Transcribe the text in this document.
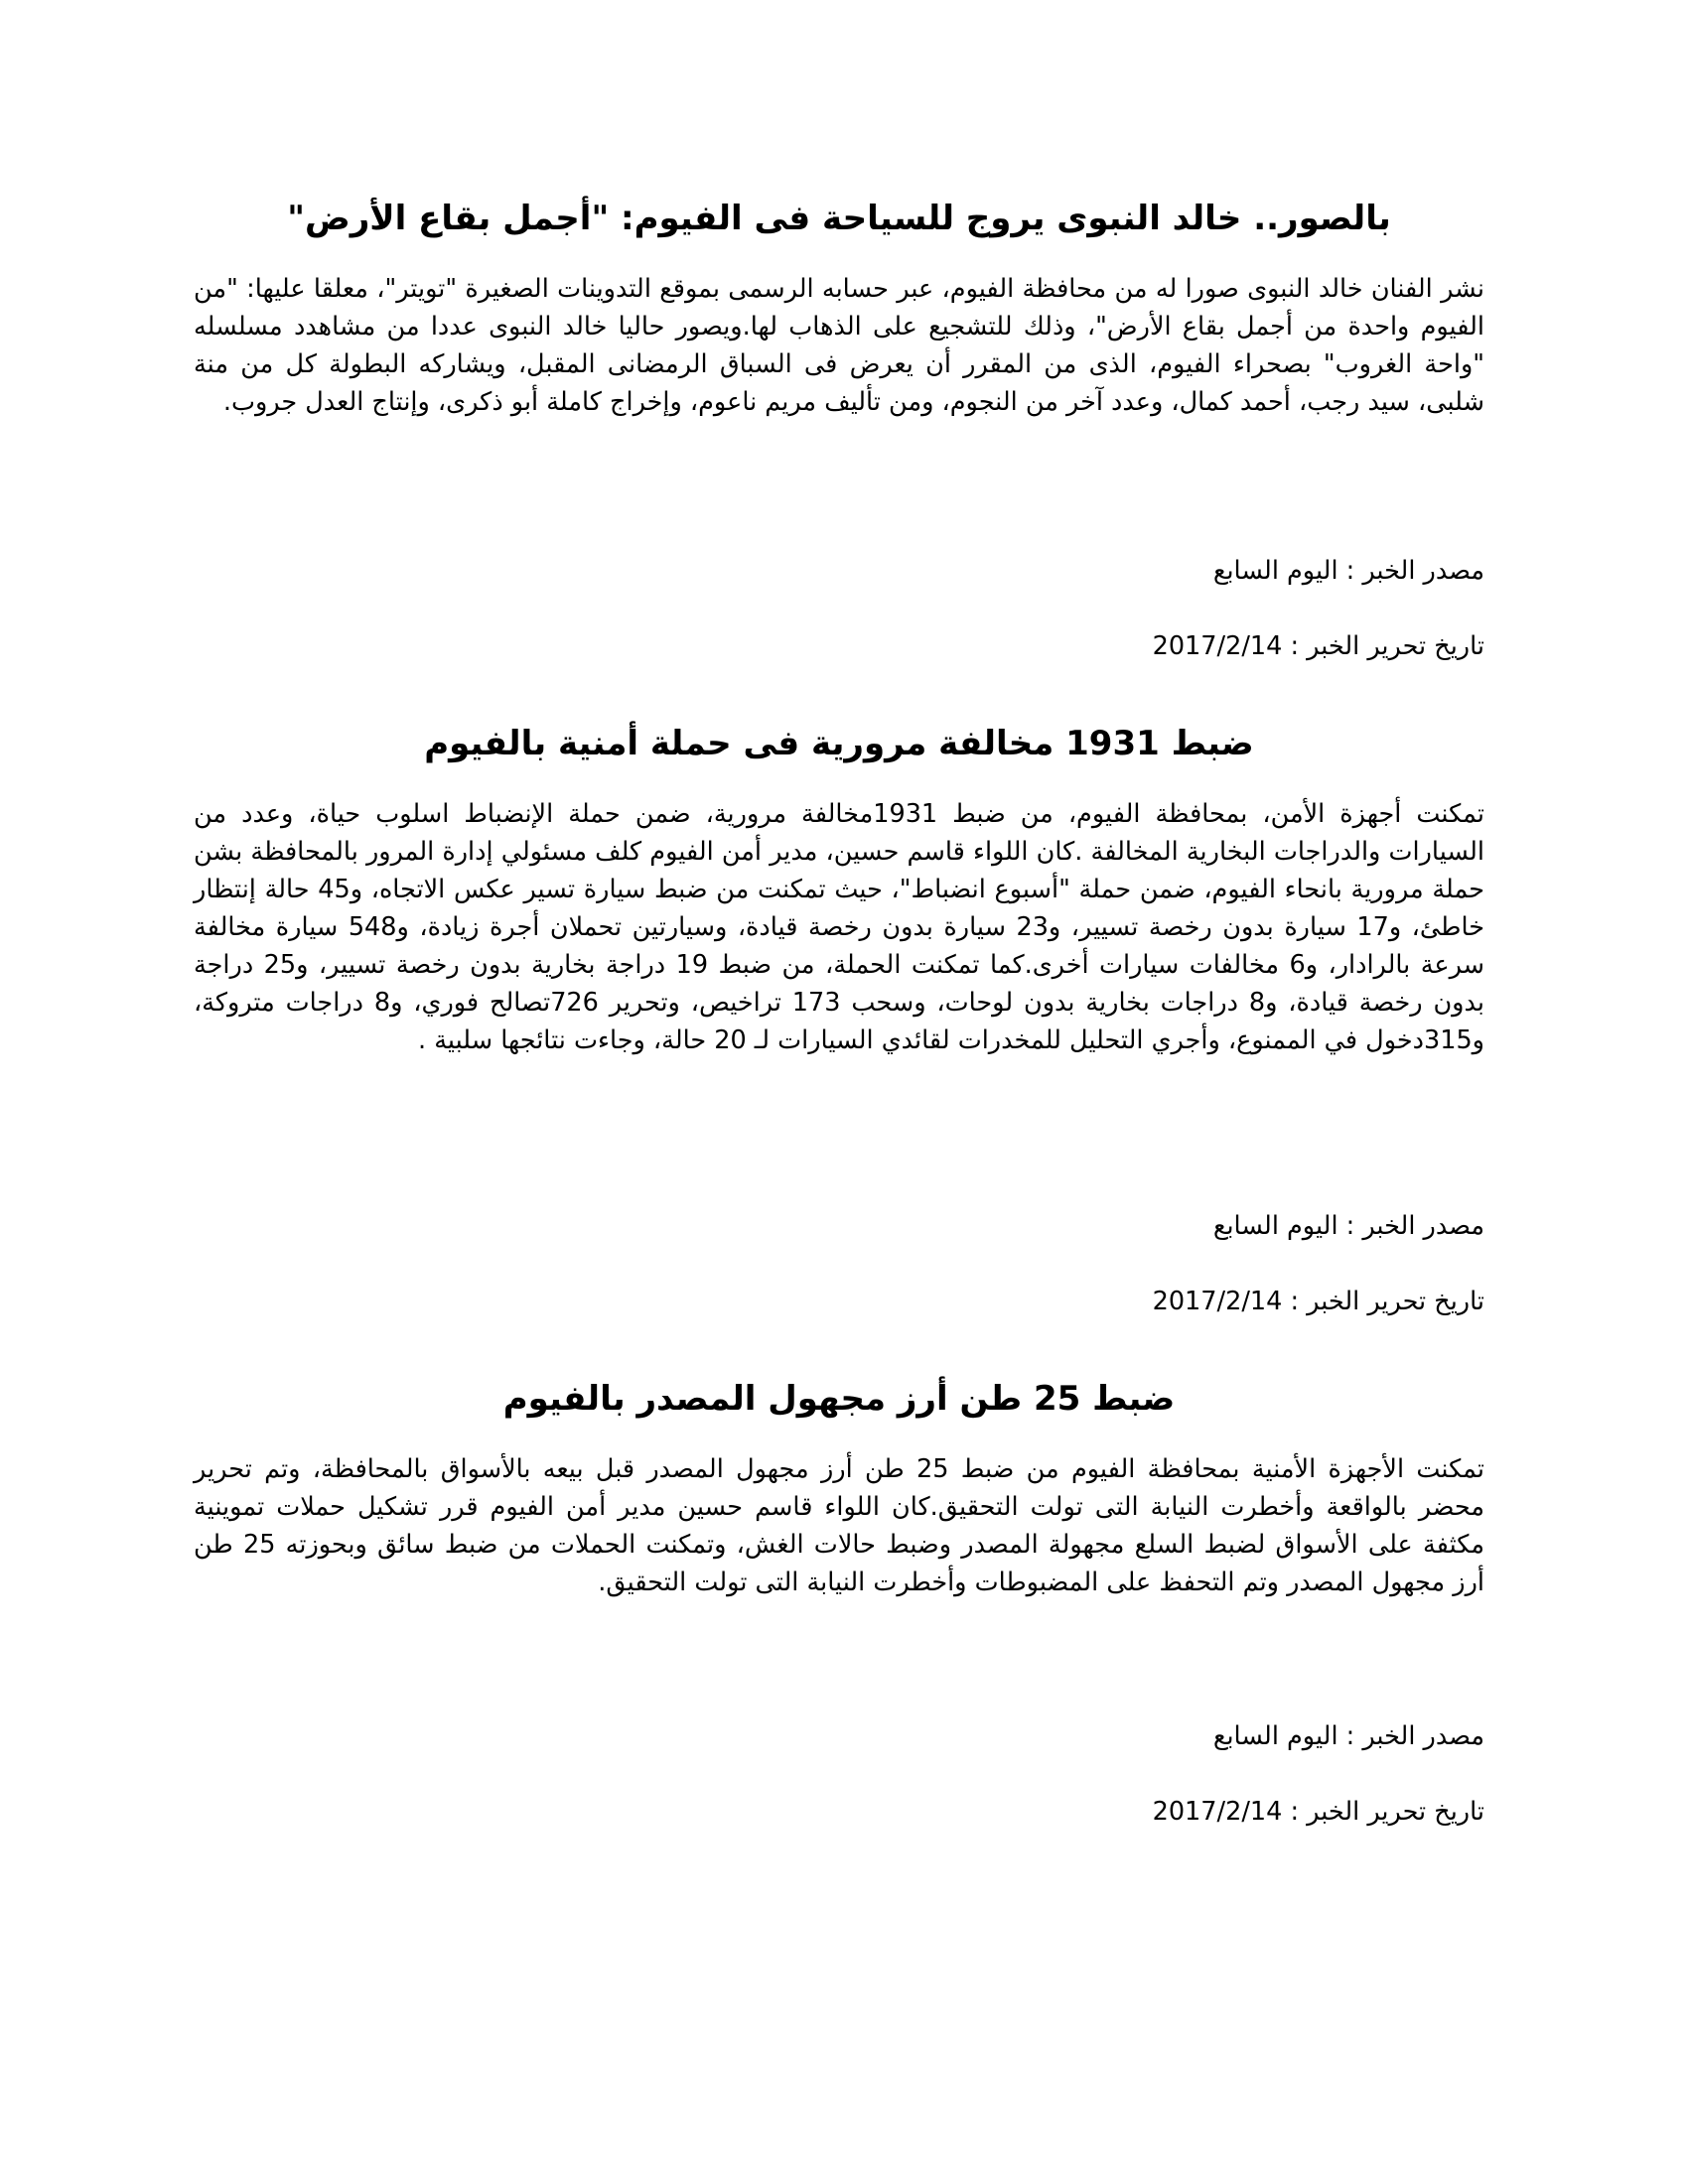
بالصور.. خالد النبوى يروج للسياحة فى الفيوم: "أجمل بقاع الأرض"

نشر الفنان خالد النبوى صورا له من محافظة الفيوم، عبر حسابه الرسمى بموقع التدوينات الصغيرة "تويتر"، معلقا عليها: "من الفيوم واحدة من أجمل بقاع الأرض"، وذلك للتشجيع على الذهاب لها.ويصور حاليا خالد النبوى عددا من مشاهدد مسلسله "واحة الغروب" بصحراء الفيوم، الذى من المقرر أن يعرض فى السباق الرمضانى المقبل، ويشاركه البطولة كل من منة شلبى، سيد رجب، أحمد كمال، وعدد آخر من النجوم، ومن تأليف مريم ناعوم، وإخراج كاملة أبو ذكرى، وإنتاج العدل جروب.

مصدر الخبر : اليوم السابع

تاريخ تحرير الخبر : 2017/2/14

ضبط 1931 مخالفة مرورية فى حملة أمنية بالفيوم

تمكنت أجهزة الأمن، بمحافظة الفيوم، من ضبط 1931مخالفة مرورية، ضمن حملة الإنضباط اسلوب حياة، وعدد من السيارات والدراجات البخارية المخالفة .كان اللواء قاسم حسين، مدير أمن الفيوم كلف مسئولي إدارة المرور بالمحافظة بشن حملة مرورية بانحاء الفيوم، ضمن حملة "أسبوع انضباط"، حيث تمكنت من ضبط سيارة تسير عكس الاتجاه، و45 حالة إنتظار خاطئ، و17 سيارة بدون رخصة تسيير، و23 سيارة بدون رخصة قيادة، وسيارتين تحملان أجرة زيادة، و548 سيارة مخالفة سرعة بالرادار، و6 مخالفات سيارات أخرى.كما تمكنت الحملة، من ضبط 19 دراجة بخارية بدون رخصة تسيير، و25 دراجة بدون رخصة قيادة، و8 دراجات بخارية بدون لوحات، وسحب 173 تراخيص، وتحرير 726تصالح فوري، و8 دراجات متروكة، و315دخول في الممنوع، وأجري التحليل للمخدرات لقائدي السيارات لـ 20 حالة، وجاءت نتائجها سلبية .

مصدر الخبر : اليوم السابع

تاريخ تحرير الخبر : 2017/2/14

ضبط 25 طن أرز مجهول المصدر بالفيوم

تمكنت الأجهزة الأمنية بمحافظة الفيوم من ضبط 25 طن أرز مجهول المصدر قبل بيعه بالأسواق بالمحافظة، وتم تحرير محضر بالواقعة وأخطرت النيابة التى تولت التحقيق.كان اللواء قاسم حسين مدير أمن الفيوم قرر تشكيل حملات تموينية مكثفة على الأسواق لضبط السلع مجهولة المصدر وضبط حالات الغش، وتمكنت الحملات من ضبط سائق وبحوزته 25 طن أرز مجهول المصدر وتم التحفظ على المضبوطات وأخطرت النيابة التى تولت التحقيق.

مصدر الخبر : اليوم السابع

تاريخ تحرير الخبر : 2017/2/14
